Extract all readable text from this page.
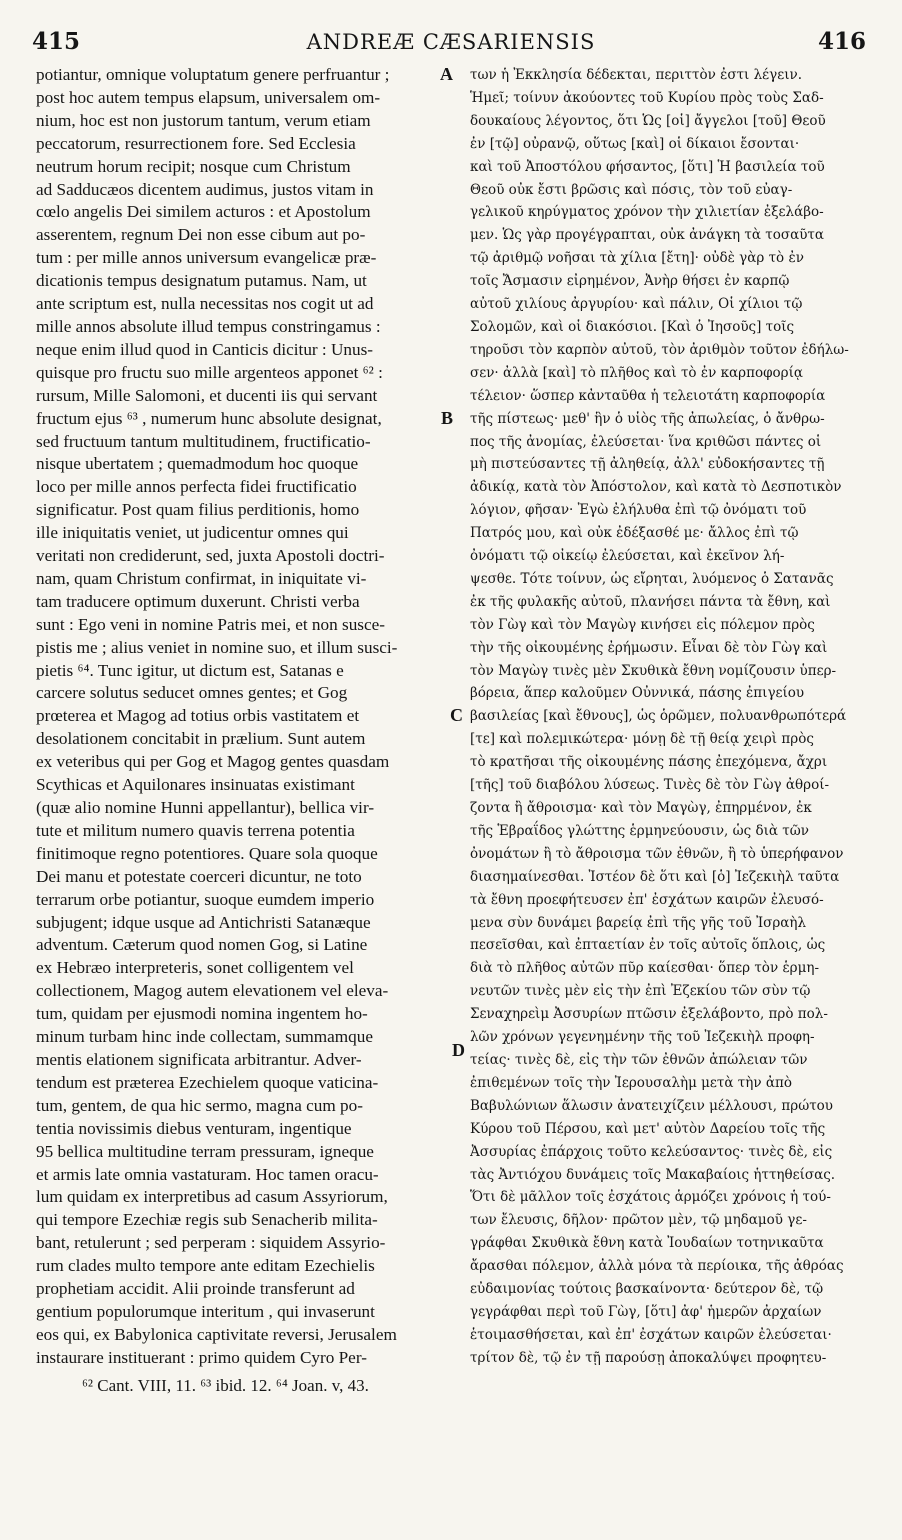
415	ANDREÆ CÆSARIENSIS	416
potiantur, omnique voluptatum genere perfruantur ;
post hoc autem tempus elapsum, universalem om-
nium, hoc est non justorum tantum, verum etiam
peccatorum, resurrectionem fore. Sed Ecclesia
neutrum horum recipit; nosque cum Christum
ad Sadducæos dicentem audimus, justos vitam in
cœlo angelis Dei similem acturos : et Apostolum
asserentem, regnum Dei non esse cibum aut po-
tum : per mille annos universum evangelicæ præ-
dicationis tempus designatum putamus. Nam, ut
ante scriptum est, nulla necessitas nos cogit ut ad
mille annos absolute illud tempus constringamus :
neque enim illud quod in Canticis dicitur : Unus-
quisque pro fructu suo mille argenteos apponet ⁶² :
rursum, Mille Salomoni, et ducenti iis qui servant
fructum ejus ⁶³ , numerum hunc absolute designat,
sed fructuum tantum multitudinem, fructificatio-
nisque ubertatem ; quemadmodum hoc quoque
loco per mille annos perfecta fidei fructificatio
significatur. Post quam filius perditionis, homo
ille iniquitatis veniet, ut judicentur omnes qui
veritati non crediderunt, sed, juxta Apostoli doctri-
nam, quam Christum confirmat, in iniquitate vi-
tam traducere optimum duxerunt. Christi verba
sunt : Ego veni in nomine Patris mei, et non susce-
pistis me ; alius veniet in nomine suo, et illum susci-
pietis ⁶⁴. Tunc igitur, ut dictum est, Satanas e
carcere solutus seducet omnes gentes; et Gog
prœterea et Magog ad totius orbis vastitatem et
desolationem concitabit in prælium. Sunt autem
ex veteribus qui per Gog et Magog gentes quasdam
Scythicas et Aquilonares insinuatas existimant
(quæ alio nomine Hunni appellantur), bellica vir-
tute et militum numero quavis terrena potentia
finitimoque regno potentiores. Quare sola quoque
Dei manu et potestate coerceri dicuntur, ne toto
terrarum orbe potiantur, suoque eumdem imperio
subjugent; idque usque ad Antichristi Satanæque
adventum. Cæterum quod nomen Gog, si Latine
ex Hebræo interpreteris, sonet colligentem vel
collectionem, Magog autem elevationem vel eleva-
tum, quidam per ejusmodi nomina ingentem ho-
minum turbam hinc inde collectam, summamque
mentis elationem significata arbitrantur. Adver-
tendum est præterea Ezechielem quoque vaticina-
tum, gentem, de qua hic sermo, magna cum po-
tentia novissimis diebus venturam, ingentique
95 bellica multitudine terram pressuram, igneque
et armis late omnia vastaturam. Hoc tamen oracu-
lum quidam ex interpretibus ad casum Assyriorum,
qui tempore Ezechiæ regis sub Senacherib milita-
bant, retulerunt ; sed perperam : siquidem Assyrio-
rum clades multo tempore ante editam Ezechielis
prophetiam accidit. Alii proinde transferunt ad
gentium populorumque interitum , qui invaserunt
eos qui, ex Babylonica captivitate reversi, Jerusalem
instaurare instituerant : primo quidem Cyro Per-
των ἡ Ἐκκλησία δέδεκται, περιττὸν ἐστι λέγειν.
Ἡμεῖ; τοίνυν ἀκούοντες τοῦ Κυρίου πρὸς τοὺς Σαδ-
δουκαίους λέγοντος, ὅτι Ὡς [οἱ] ἄγγελοι [τοῦ] Θεοῦ
ἐν [τῷ] οὐρανῷ, οὕτως [καὶ] οἱ δίκαιοι ἔσονται·
καὶ τοῦ Ἀποστόλου φήσαντος, [ὅτι] Ἡ βασιλεία τοῦ
Θεοῦ οὐκ ἔστι βρῶσις καὶ πόσις, τὸν τοῦ εὐαγ-
γελικοῦ κηρύγματος χρόνον τὴν χιλιετίαν ἐξελάβο-
μεν. Ὡς γὰρ προγέγραπται, οὐκ ἀνάγκη τὰ τοσαῦτα
τῷ ἀριθμῷ νοῆσαι τὰ χίλια [ἔτη]· οὐδὲ γὰρ τὸ ἐν
τοῖς Ἄσμασιν εἰρημένον, Ἀνὴρ θήσει ἐν καρπῷ
αὐτοῦ χιλίους ἀργυρίου· καὶ πάλιν, Οἱ χίλιοι τῷ
Σολομῶν, καὶ οἱ διακόσιοι. [Καὶ ὁ Ἰησοῦς] τοῖς
τηροῦσι τὸν καρπὸν αὐτοῦ, τὸν ἀριθμὸν τοῦτον ἐδήλω-
σεν· ἀλλὰ [καὶ] τὸ πλῆθος καὶ τὸ ἐν καρποφορίᾳ
τέλειον· ὥσπερ κἀνταῦθα ἡ τελειοτάτη καρποφορία
τῆς πίστεως· μεθ' ἣν ὁ υἱὸς τῆς ἀπωλείας, ὁ ἄνθρω-
πος τῆς ἀνομίας, ἐλεύσεται· ἵνα κριθῶσι πάντες οἱ
μὴ πιστεύσαντες τῇ ἀληθείᾳ, ἀλλ' εὐδοκήσαντες τῇ
ἀδικίᾳ, κατὰ τὸν Ἀπόστολον, καὶ κατὰ τὸ Δεσποτικὸν
λόγιον, φῆσαν· Ἐγὼ ἐλήλυθα ἐπὶ τῷ ὀνόματι τοῦ
Πατρός μου, καὶ οὐκ ἐδέξασθέ με· ἄλλος ἐπὶ τῷ
ὀνόματι τῷ οἰκείῳ ἐλεύσεται, καὶ ἐκεῖνον λή-
ψεσθε. Τότε τοίνυν, ὡς εἴρηται, λυόμενος ὁ Σατανᾶς
ἐκ τῆς φυλακῆς αὐτοῦ, πλανήσει πάντα τὰ ἔθνη, καὶ
τὸν Γὼγ καὶ τὸν Μαγὼγ κινήσει εἰς πόλεμον πρὸς
τὴν τῆς οἰκουμένης ἐρήμωσιν. Εἶναι δὲ τὸν Γὼγ καὶ
τὸν Μαγὼγ τινὲς μὲν Σκυθικὰ ἔθνη νομίζουσιν ὑπερ-
βόρεια, ἅπερ καλοῦμεν Οὐννικά, πάσης ἐπιγείου
βασιλείας [καὶ ἔθνους], ὡς ὁρῶμεν, πολυανθρωπότερά
[τε] καὶ πολεμικώτερα· μόνῃ δὲ τῇ θείᾳ χειρὶ πρὸς
τὸ κρατῆσαι τῆς οἰκουμένης πάσης ἐπεχόμενα, ἄχρι
[τῆς] τοῦ διαβόλου λύσεως. Τινὲς δὲ τὸν Γὼγ ἀθροί-
ζοντα ἢ ἄθροισμα· καὶ τὸν Μαγὼγ, ἐπηρμένον, ἐκ
τῆς Ἑβραΐδος γλώττης ἑρμηνεύουσιν, ὡς διὰ τῶν
ὀνομάτων ἢ τὸ ἄθροισμα τῶν ἐθνῶν, ἢ τὸ ὑπερήφανον
διασημαίνεσθαι. Ἰστέον δὲ ὅτι καὶ [ὁ] Ἰεζεκιὴλ ταῦτα
τὰ ἔθνη προεφήτευσεν ἐπ' ἐσχάτων καιρῶν ἐλευσό-
μενα σὺν δυνάμει βαρείᾳ ἐπὶ τῆς γῆς τοῦ Ἰσραὴλ
πεσεῖσθαι, καὶ ἐπταετίαν ἐν τοῖς αὐτοῖς ὅπλοις, ὡς
διὰ τὸ πλῆθος αὐτῶν πῦρ καίεσθαι· ὅπερ τὸν ἑρμη-
νευτῶν τινὲς μὲν εἰς τὴν ἐπὶ Ἐζεκίου τῶν σὺν τῷ
Σεναχηρεὶμ Ἀσσυρίων πτῶσιν ἐξελάβοντο, πρὸ πολ-
λῶν χρόνων γεγενημένην τῆς τοῦ Ἰεζεκιὴλ προφη-
τείας· τινὲς δὲ, εἰς τὴν τῶν ἐθνῶν ἀπώλειαν τῶν
ἐπιθεμένων τοῖς τὴν Ἰερουσαλὴμ μετὰ τὴν ἀπὸ
Βαβυλώνιων ἅλωσιν ἀνατειχίζειν μέλλουσι, πρώτου
Κύρου τοῦ Πέρσου, καὶ μετ' αὐτὸν Δαρείου τοῖς τῆς
Ἀσσυρίας ἐπάρχοις τοῦτο κελεύσαντος· τινὲς δὲ, εἰς
τὰς Ἀντιόχου δυνάμεις τοῖς Μακαβαίοις ἡττηθείσας.
Ὅτι δὲ μᾶλλον τοῖς ἐσχάτοις ἁρμόζει χρόνοις ἡ τού-
των ἔλευσις, δῆλον· πρῶτον μὲν, τῷ μηδαμοῦ γε-
γράφθαι Σκυθικὰ ἔθνη κατὰ Ἰουδαίων τοτηνικαῦτα
ἄρασθαι πόλεμον, ἀλλὰ μόνα τὰ περίοικα, τῆς ἀθρόας
εὐδαιμονίας τούτοις βασκαίνοντα· δεύτερον δὲ, τῷ
γεγράφθαι περὶ τοῦ Γὼγ, [ὅτι] ἀφ' ἡμερῶν ἀρχαίων
ἑτοιμασθήσεται, καὶ ἐπ' ἐσχάτων καιρῶν ἐλεύσεται·
τρίτον δὲ, τῷ ἐν τῇ παρούσῃ ἀποκαλύψει προφητευ-
A
B
C
D
⁶² Cant. VIII, 11. ⁶³ ibid. 12. ⁶⁴ Joan. v, 43.
